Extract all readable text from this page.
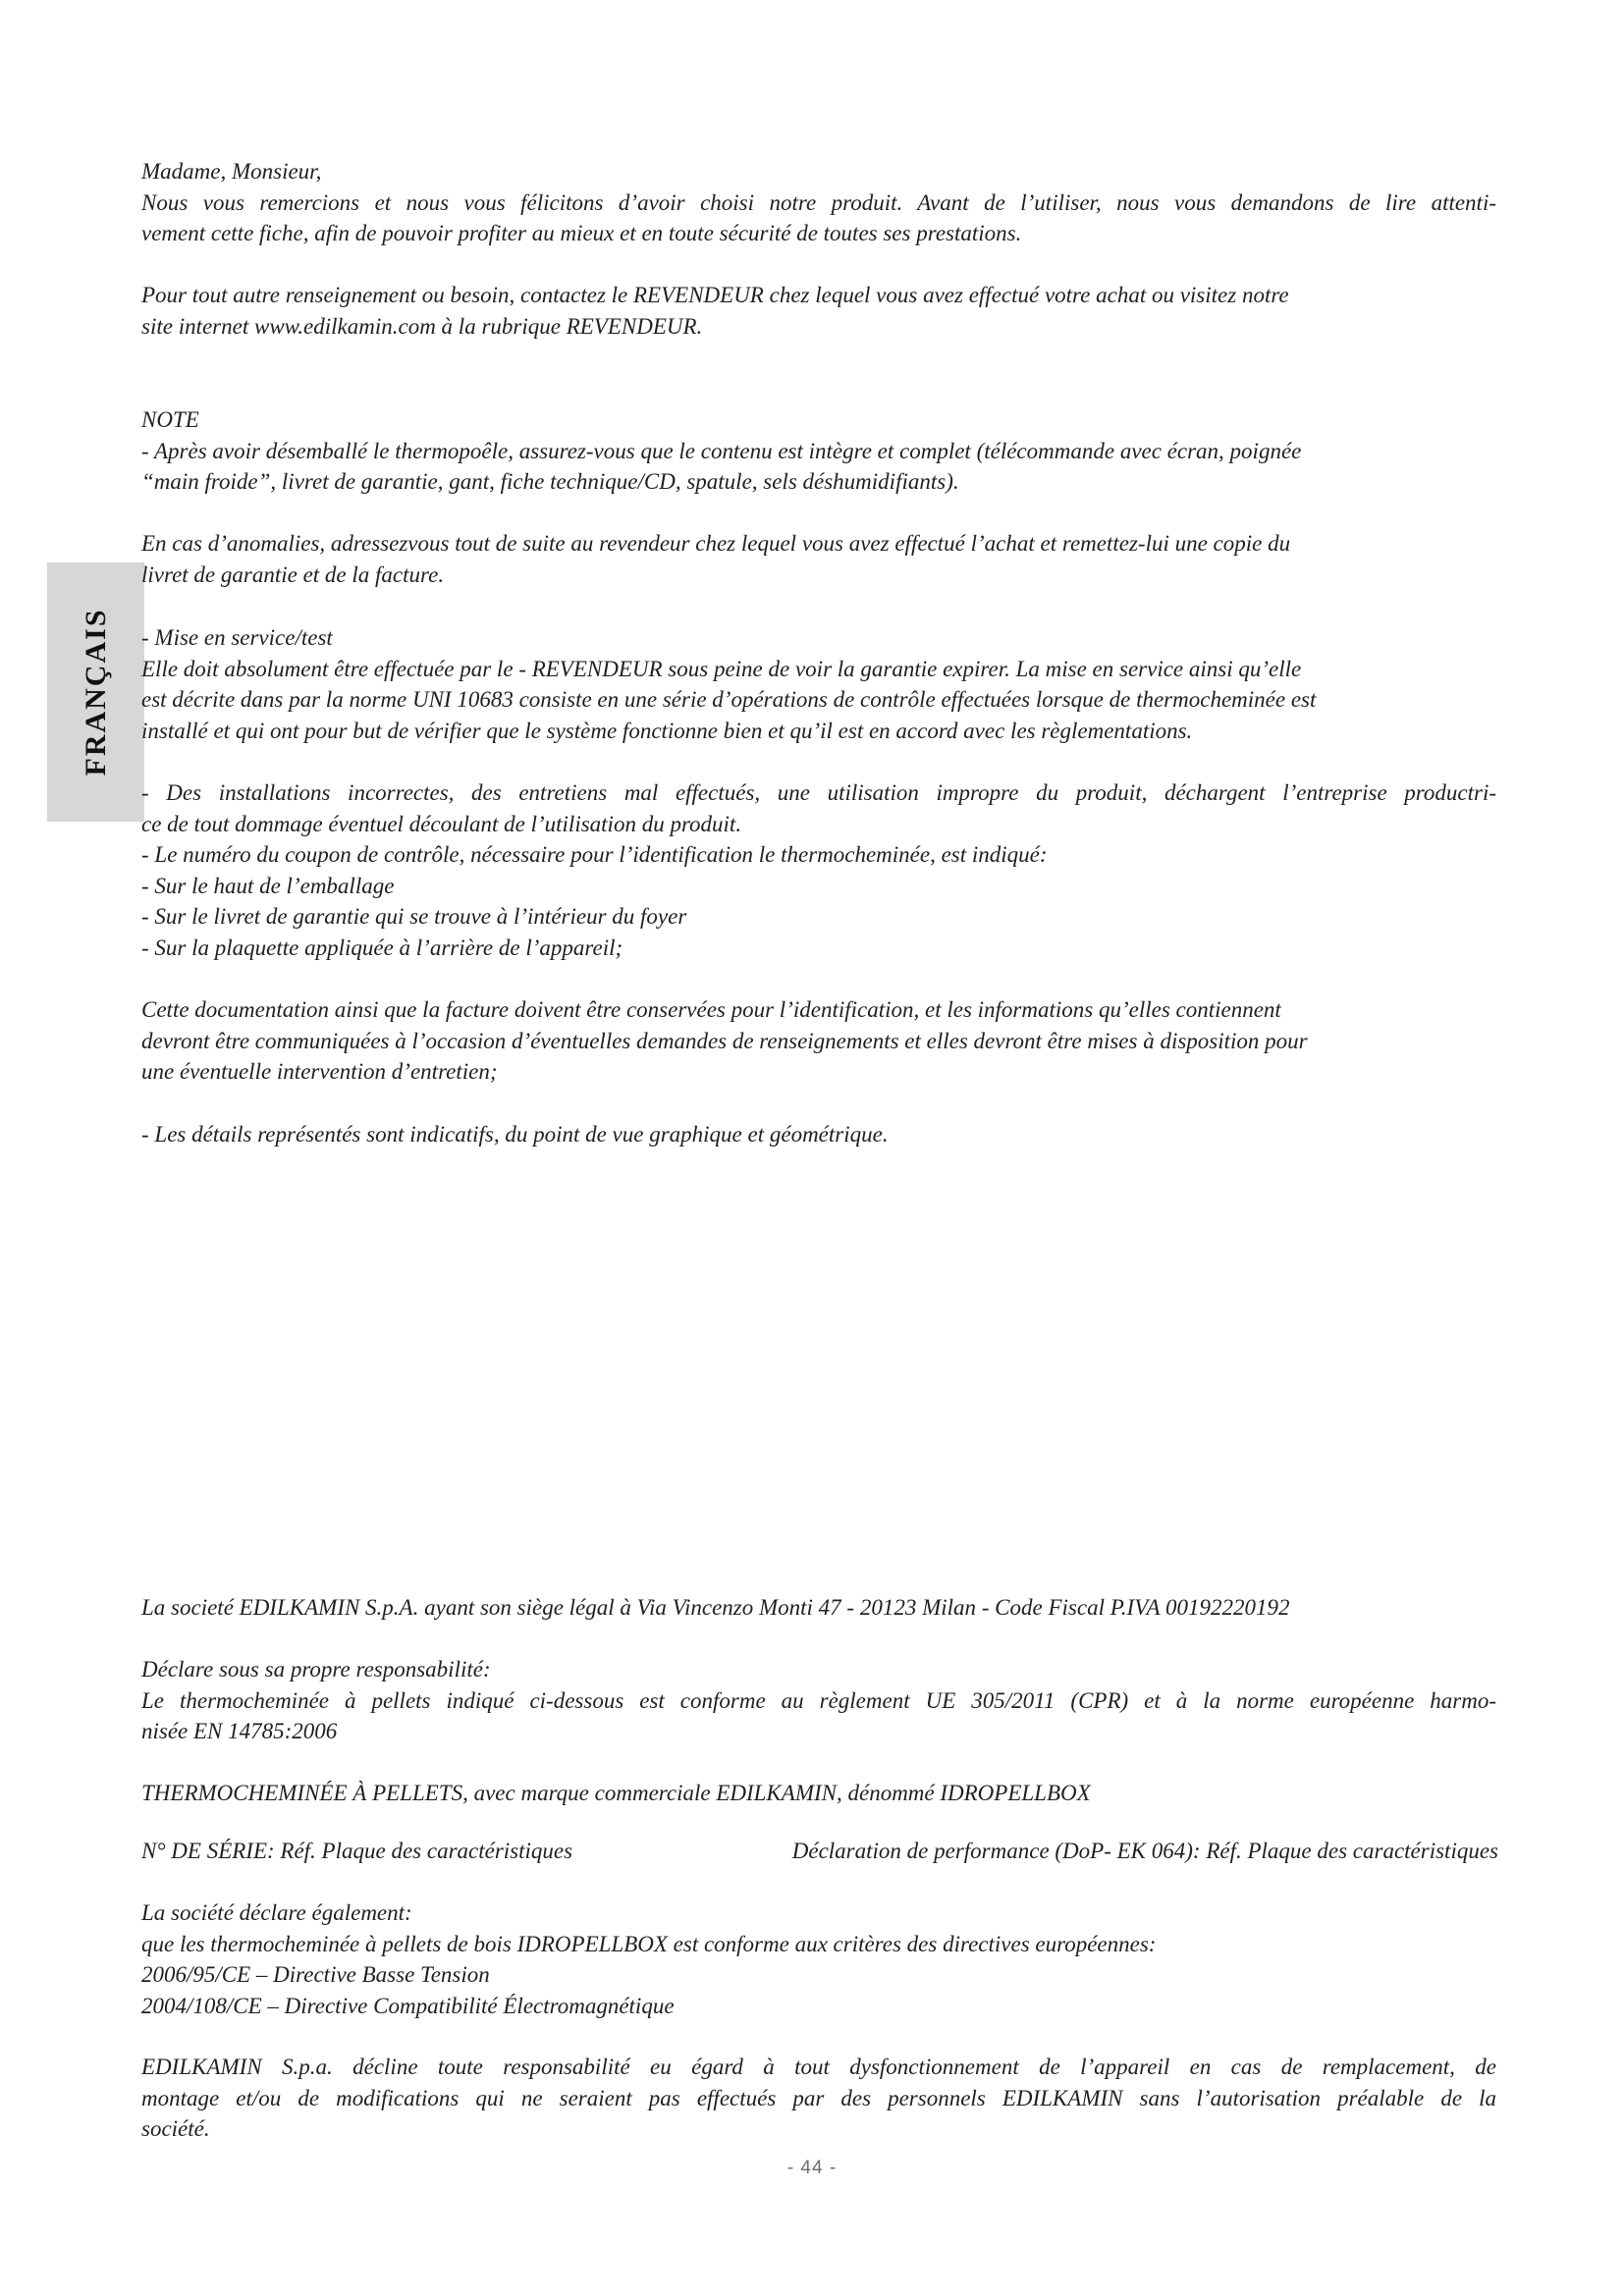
FRANÇAIS
Madame, Monsieur,
Nous vous remercions et nous vous félicitons d’avoir choisi notre produit. Avant de l’utiliser, nous vous demandons de lire attenti-
vement cette fiche, afin de pouvoir profiter au mieux et en toute sécurité de toutes ses prestations.
Pour tout autre renseignement ou besoin, contactez le REVENDEUR chez lequel vous avez effectué votre achat ou visitez notre
site internet www.edilkamin.com à la rubrique REVENDEUR.
NOTE
- Après avoir désemballé le thermopoêle, assurez-vous que le contenu est intègre et complet (télécommande avec écran, poignée
“main froide”, livret de garantie, gant, fiche technique/CD, spatule, sels déshumidifiants).
En cas d’anomalies, adressezvous tout de suite au revendeur chez lequel vous avez effectué l’achat et remettez-lui une copie du
livret de garantie et de la facture.
- Mise en service/test
Elle doit absolument être effectuée par le - REVENDEUR sous peine de voir la garantie expirer. La mise en service ainsi qu’elle
est décrite dans par la norme UNI 10683 consiste en une série d’opérations de contrôle effectuées lorsque de thermocheminée est
installé et qui ont pour but de vérifier que le système fonctionne bien et qu’il est en accord avec les règlementations.
- Des installations incorrectes, des entretiens mal effectués, une utilisation impropre du produit, déchargent l’entreprise productri-
ce de tout dommage éventuel découlant de l’utilisation du produit.
- Le numéro du coupon de contrôle, nécessaire pour l’identification le thermocheminée, est indiqué:
- Sur le haut de l’emballage
- Sur le livret de garantie qui se trouve à l’intérieur du foyer
- Sur la plaquette appliquée à l’arrière de l’appareil;
Cette documentation ainsi que la facture doivent être conservées pour l’identification, et les informations qu’elles contiennent
devront être communiquées à l’occasion d’éventuelles demandes de renseignements et elles devront être mises à disposition pour
une éventuelle intervention d’entretien;
- Les détails représentés sont indicatifs, du point de vue graphique et géométrique.
La societé EDILKAMIN S.p.A. ayant son siège légal à Via Vincenzo Monti 47 - 20123 Milan - Code Fiscal P.IVA 00192220192
Déclare sous sa propre responsabilité:
Le thermocheminée à pellets indiqué ci-dessous est conforme au règlement UE 305/2011 (CPR) et à la norme européenne harmo-
nisée EN 14785:2006
THERMOCHEMINÉE À PELLETS, avec marque commerciale EDILKAMIN, dénommé IDROPELLBOX
N° DE SÉRIE: Réf. Plaque des caractéristiques	Déclaration de performance (DoP- EK 064): Réf. Plaque des caractéristiques
La société déclare également:
que les thermocheminée à pellets de bois IDROPELLBOX est conforme aux critères des directives européennes:
2006/95/CE – Directive Basse Tension
2004/108/CE – Directive Compatibilité Électromagnétique
EDILKAMIN S.p.a. décline toute responsabilité eu égard à tout dysfonctionnement de l’appareil en cas de remplacement, de
montage et/ou de modifications qui ne seraient pas effectués par des personnels EDILKAMIN sans l’autorisation préalable de la
société.
- 44 -
